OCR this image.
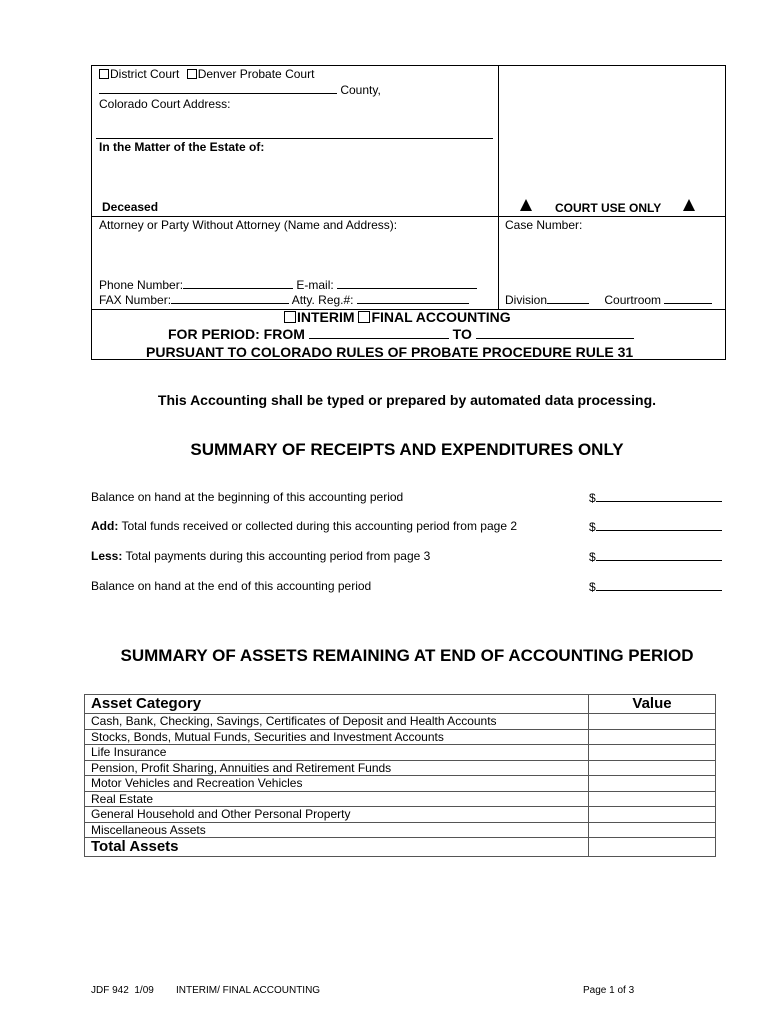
District Court Denver Probate Court
County,
Colorado Court Address:
In the Matter of the Estate of:
Deceased	COURT USE ONLY
Attorney or Party Without Attorney (Name and Address):	Case Number:
Phone Number:	E-mail:
FAX Number:	Atty. Reg.#:	Division	Courtroom
INTERIM FINAL ACCOUNTING
FOR PERIOD: FROM	TO
PURSUANT TO COLORADO RULES OF PROBATE PROCEDURE RULE 31
This Accounting shall be typed or prepared by automated data processing.
SUMMARY OF RECEIPTS AND EXPENDITURES ONLY
Balance on hand at the beginning of this accounting period	$
Add: Total funds received or collected during this accounting period from page 2	$
Less: Total payments during this accounting period from page 3	$
Balance on hand at the end of this accounting period	$
SUMMARY OF ASSETS REMAINING AT END OF ACCOUNTING PERIOD
Asset Category	Value
Cash, Bank, Checking, Savings, Certificates of Deposit and Health Accounts	
Stocks, Bonds, Mutual Funds, Securities and Investment Accounts	
Life Insurance	
Pension, Profit Sharing, Annuities and Retirement Funds	
Motor Vehicles and Recreation Vehicles	
Real Estate	
General Household and Other Personal Property	
Miscellaneous Assets	
Total Assets	
JDF 942 1/09 INTERIM/ FINAL ACCOUNTING	Page 1 of 3
